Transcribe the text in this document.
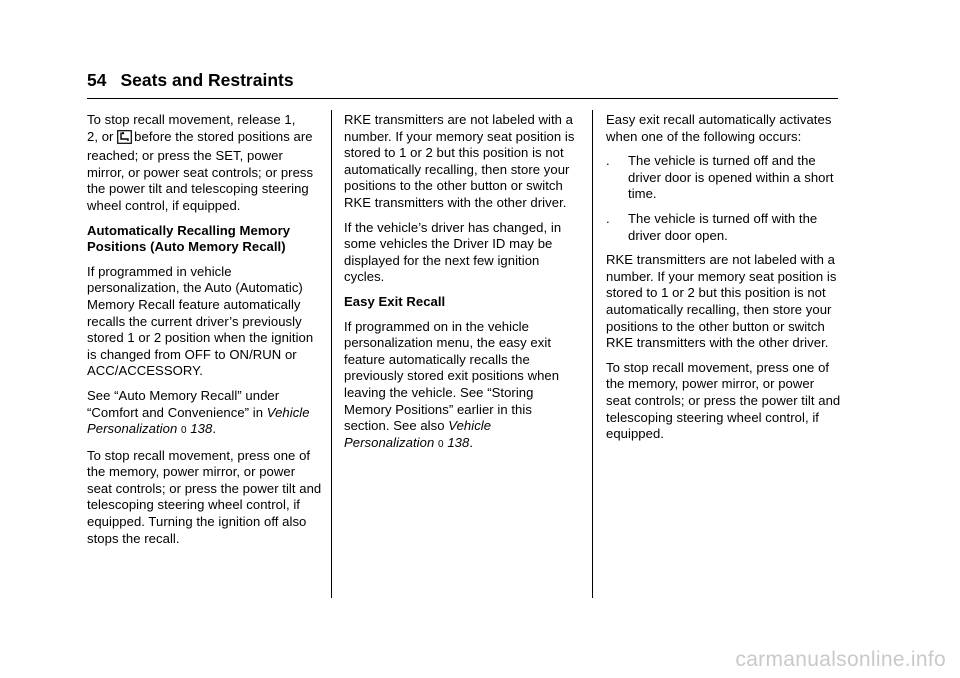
54 Seats and Restraints

To stop recall movement, release 1,
2, or before the stored positions are reached; or press the SET, power mirror, or power seat controls; or press the power tilt and telescoping steering wheel control, if equipped.

Automatically Recalling Memory Positions (Auto Memory Recall)

If programmed in vehicle personalization, the Auto (Automatic) Memory Recall feature automatically recalls the current driver’s previously stored 1 or 2 position when the ignition is changed from OFF to ON/RUN or ACC/ACCESSORY.

See “Auto Memory Recall” under “Comfort and Convenience” in Vehicle Personalization 0 138.

To stop recall movement, press one of the memory, power mirror, or power seat controls; or press the power tilt and telescoping steering wheel control, if equipped. Turning the ignition off also stops the recall.

RKE transmitters are not labeled with a number. If your memory seat position is stored to 1 or 2 but this position is not automatically recalling, then store your positions to the other button or switch RKE transmitters with the other driver.

If the vehicle’s driver has changed, in some vehicles the Driver ID may be displayed for the next few ignition cycles.

Easy Exit Recall

If programmed on in the vehicle personalization menu, the easy exit feature automatically recalls the previously stored exit positions when leaving the vehicle. See “Storing Memory Positions” earlier in this section. See also Vehicle Personalization 0 138.

Easy exit recall automatically activates when one of the following occurs:

. The vehicle is turned off and the driver door is opened within a short time.
. The vehicle is turned off with the driver door open.

RKE transmitters are not labeled with a number. If your memory seat position is stored to 1 or 2 but this position is not automatically recalling, then store your positions to the other button or switch RKE transmitters with the other driver.

To stop recall movement, press one of the memory, power mirror, or power seat controls; or press the power tilt and telescoping steering wheel control, if equipped.

carmanualsonline.info
